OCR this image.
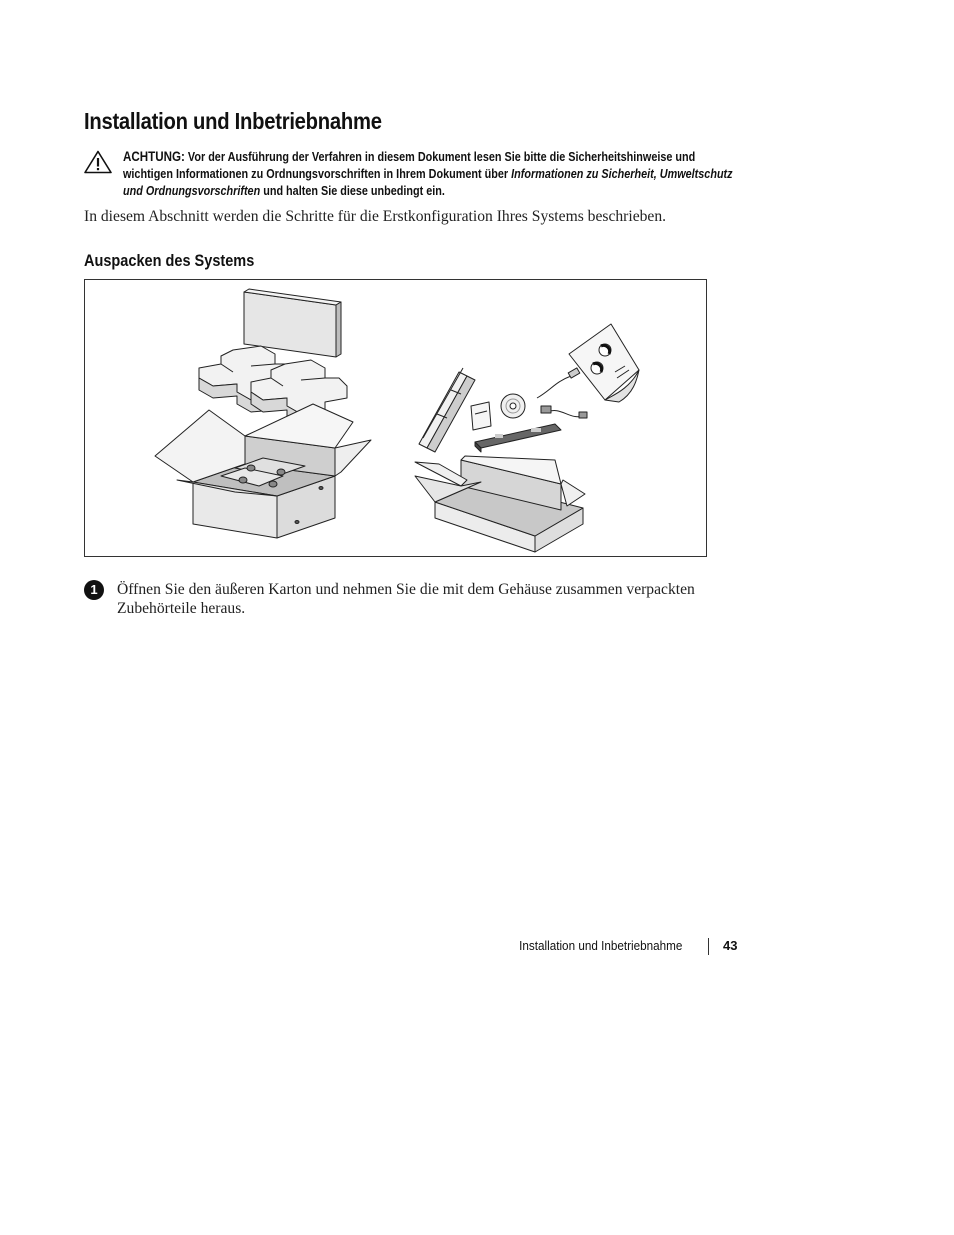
Installation und Inbetriebnahme
ACHTUNG: Vor der Ausführung der Verfahren in diesem Dokument lesen Sie bitte die Sicherheitshinweise und wichtigen Informationen zu Ordnungsvorschriften in Ihrem Dokument über Informationen zu Sicherheit, Umweltschutz und Ordnungsvorschriften und halten Sie diese unbedingt ein.

In diesem Abschnitt werden die Schritte für die Erstkonfiguration Ihres Systems beschrieben.

Auspacken des Systems
1	Öffnen Sie den äußeren Karton und nehmen Sie die mit dem Gehäuse zusammen verpackten Zubehörteile heraus.

Installation und Inbetriebnahme	43
